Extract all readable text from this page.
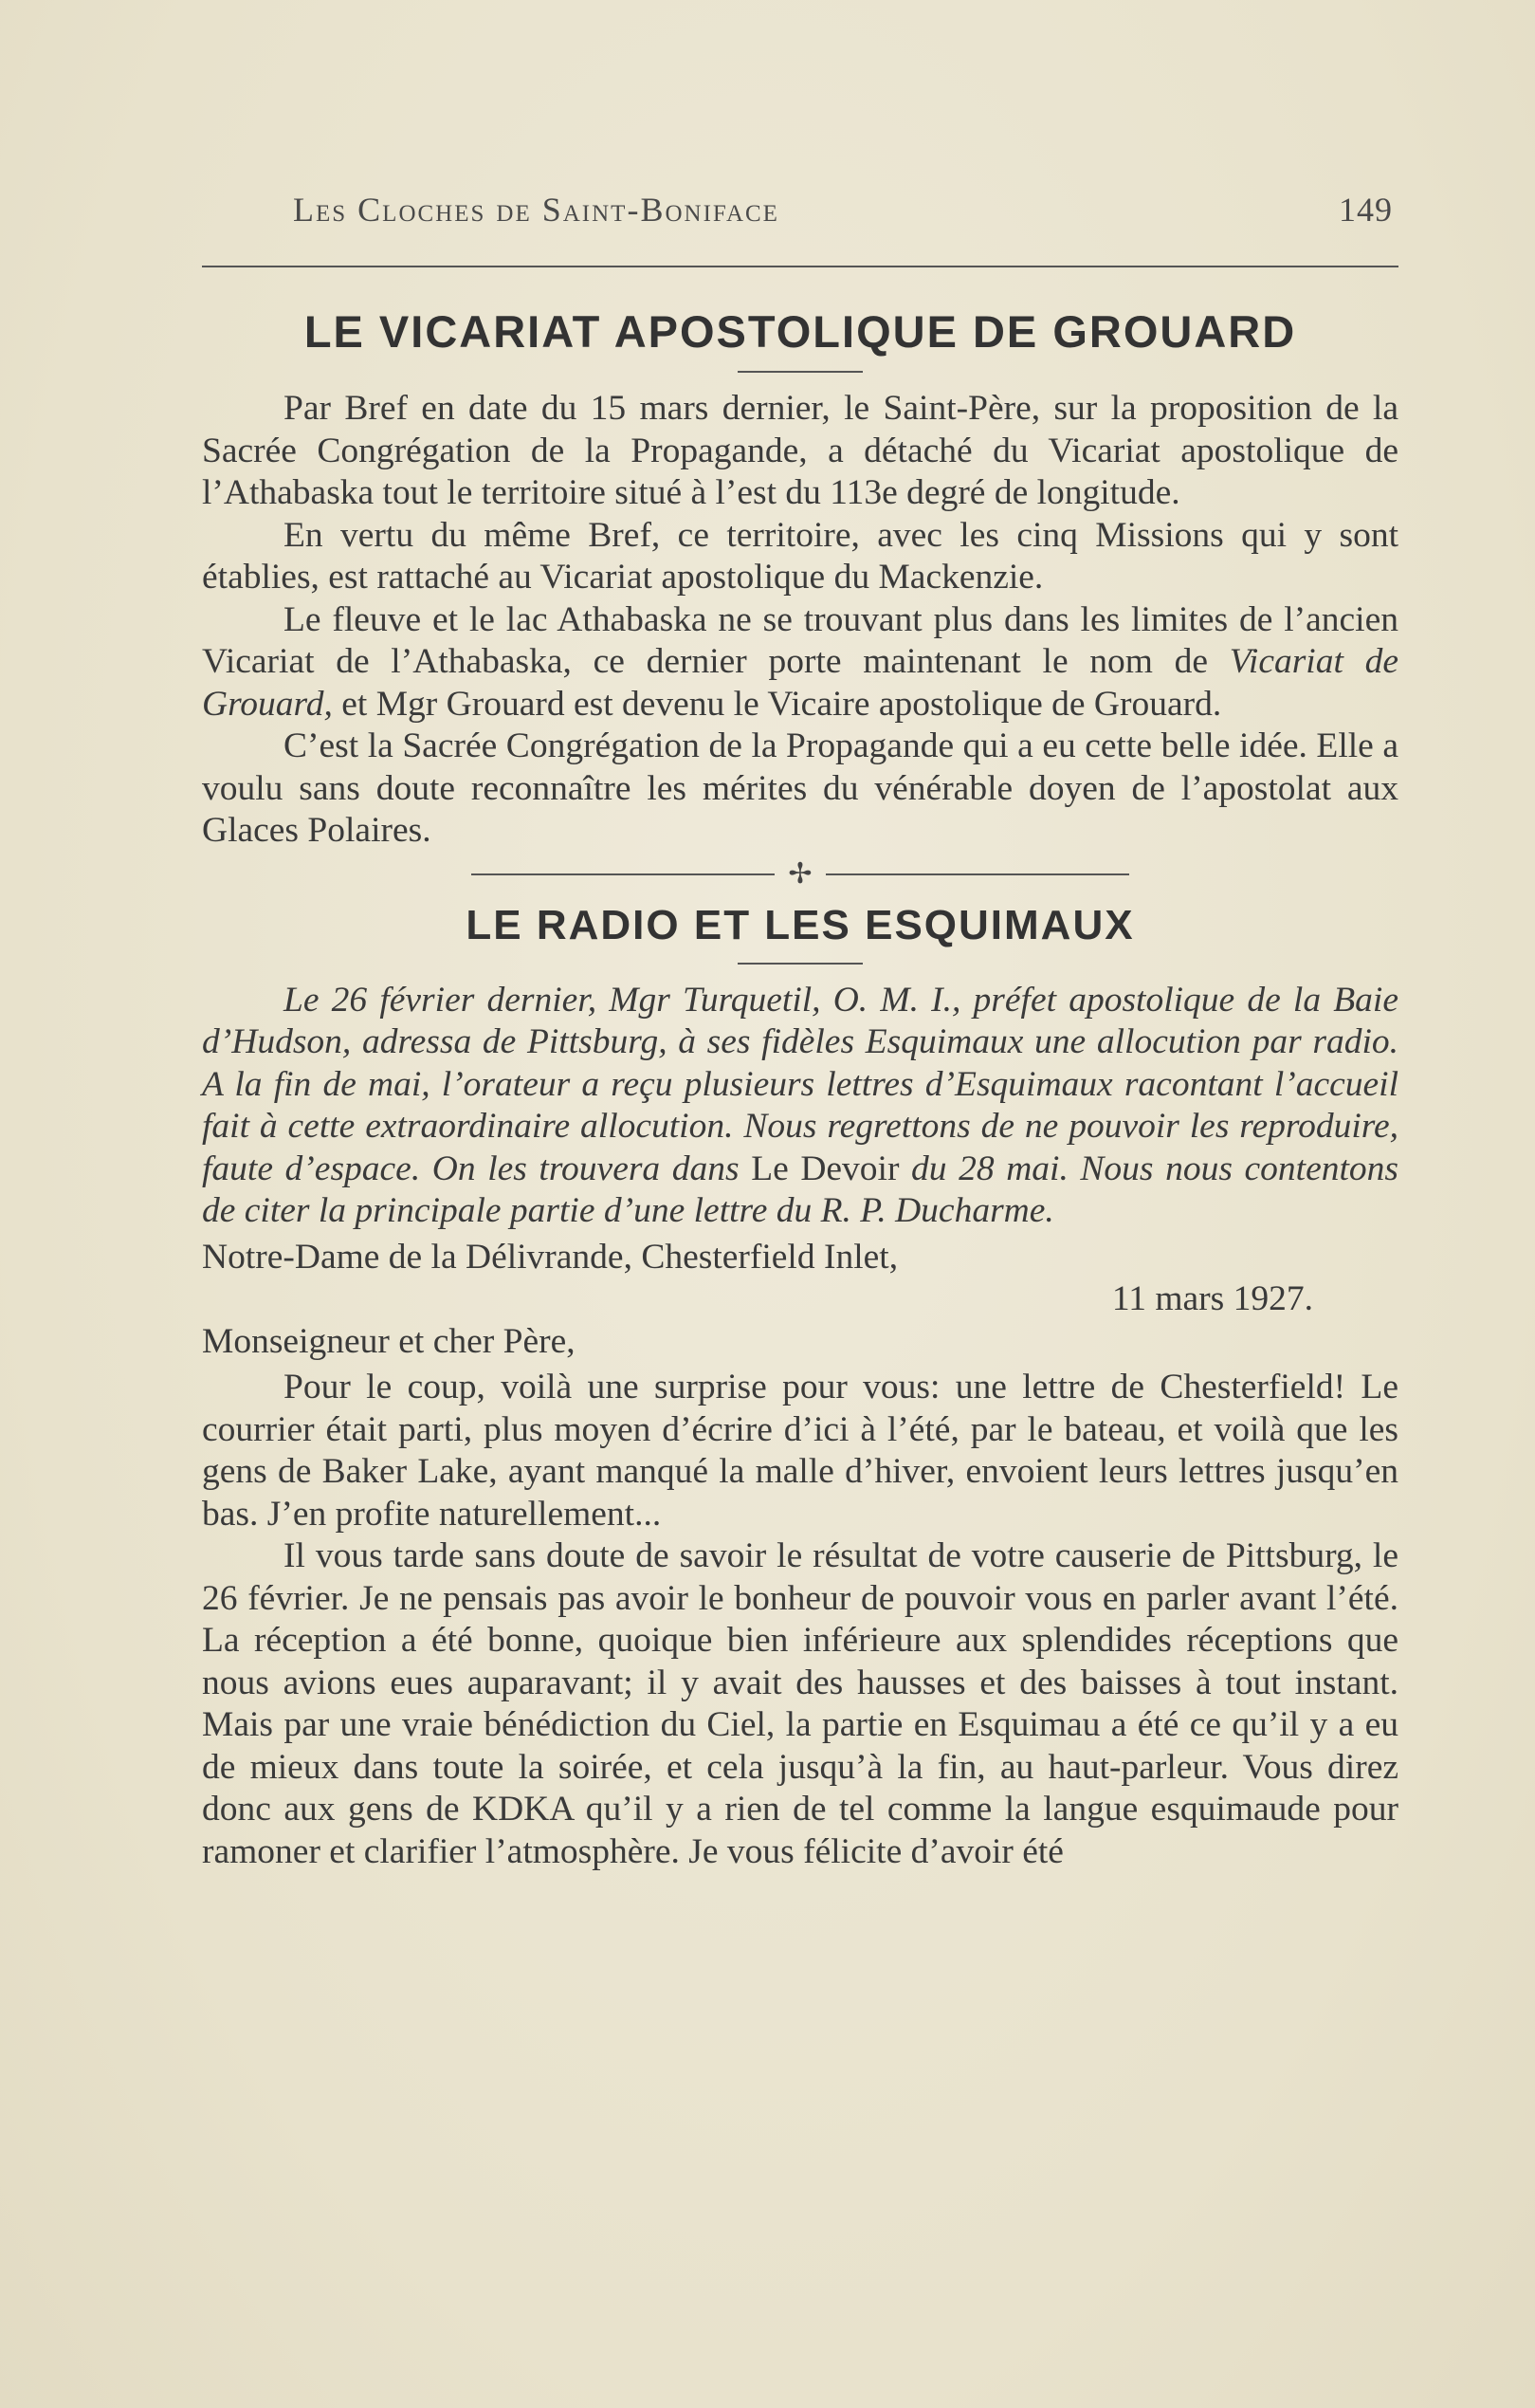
Les Cloches de Saint-Boniface	149
LE VICARIAT APOSTOLIQUE DE GROUARD

Par Bref en date du 15 mars dernier, le Saint-Père, sur la proposition de la Sacrée Congrégation de la Propagande, a détaché du Vicariat apostolique de l’Athabaska tout le territoire situé à l’est du 113e degré de longitude.

En vertu du même Bref, ce territoire, avec les cinq Missions qui y sont établies, est rattaché au Vicariat apostolique du Mackenzie.

Le fleuve et le lac Athabaska ne se trouvant plus dans les limites de l’ancien Vicariat de l’Athabaska, ce dernier porte maintenant le nom de Vicariat de Grouard, et Mgr Grouard est devenu le Vicaire apostolique de Grouard.

C’est la Sacrée Congrégation de la Propagande qui a eu cette belle idée. Elle a voulu sans doute reconnaître les mérites du vénérable doyen de l’apostolat aux Glaces Polaires.

✢
LE RADIO ET LES ESQUIMAUX

Le 26 février dernier, Mgr Turquetil, O. M. I., préfet apostolique de la Baie d’Hudson, adressa de Pittsburg, à ses fidèles Esquimaux une allocution par radio. A la fin de mai, l’orateur a reçu plusieurs lettres d’Esquimaux racontant l’accueil fait à cette extraordinaire allocution. Nous regrettons de ne pouvoir les reproduire, faute d’espace. On les trouvera dans Le Devoir du 28 mai. Nous nous contentons de citer la principale partie d’une lettre du R. P. Ducharme.

Notre-Dame de la Délivrande, Chesterfield Inlet,
11 mars 1927.
Monseigneur et cher Père,

Pour le coup, voilà une surprise pour vous: une lettre de Chesterfield! Le courrier était parti, plus moyen d’écrire d’ici à l’été, par le bateau, et voilà que les gens de Baker Lake, ayant manqué la malle d’hiver, envoient leurs lettres jusqu’en bas. J’en profite naturellement...

Il vous tarde sans doute de savoir le résultat de votre causerie de Pittsburg, le 26 février. Je ne pensais pas avoir le bonheur de pouvoir vous en parler avant l’été. La réception a été bonne, quoique bien inférieure aux splendides réceptions que nous avions eues auparavant; il y avait des hausses et des baisses à tout instant. Mais par une vraie bénédiction du Ciel, la partie en Esquimau a été ce qu’il y a eu de mieux dans toute la soirée, et cela jusqu’à la fin, au haut-parleur. Vous direz donc aux gens de KDKA qu’il y a rien de tel comme la langue esquimaude pour ramoner et clarifier l’atmosphère. Je vous félicite d’avoir été
